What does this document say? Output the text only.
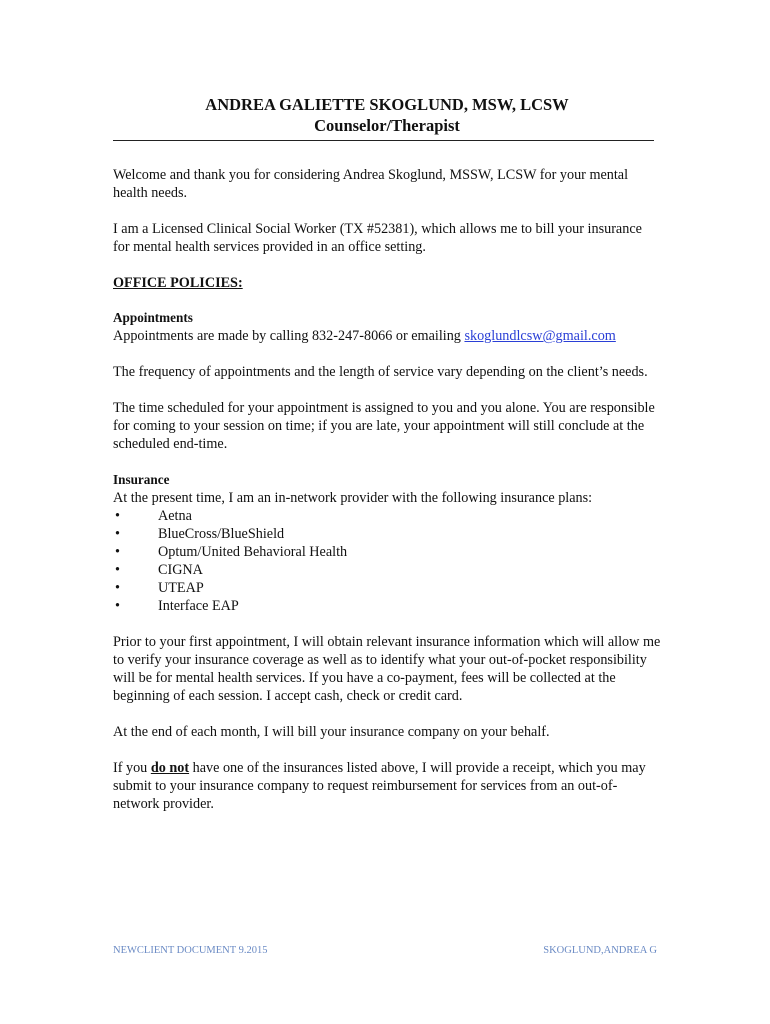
ANDREA GALIETTE SKOGLUND, MSW, LCSW
Counselor/Therapist

Welcome and thank you for considering Andrea Skoglund, MSSW, LCSW for your mental health needs.

I am a Licensed Clinical Social Worker (TX #52381), which allows me to bill your insurance for mental health services provided in an office setting.

OFFICE POLICIES:
Appointments

Appointments are made by calling 832-247-8066 or emailing skoglundlcsw@gmail.com

The frequency of appointments and the length of service vary depending on the client’s needs.

The time scheduled for your appointment is assigned to you and you alone. You are responsible for coming to your session on time; if you are late, your appointment will still conclude at the scheduled end-time.

Insurance

At the present time, I am an in-network provider with the following insurance plans:

•	Aetna
•	BlueCross/BlueShield
•	Optum/United Behavioral Health
•	CIGNA
•	UTEAP
•	Interface EAP

Prior to your first appointment, I will obtain relevant insurance information which will allow me to verify your insurance coverage as well as to identify what your out-of-pocket responsibility will be for mental health services. If you have a co-payment, fees will be collected at the beginning of each session. I accept cash, check or credit card.

At the end of each month, I will bill your insurance company on your behalf.

If you do not have one of the insurances listed above, I will provide a receipt, which you may submit to your insurance company to request reimbursement for services from an out-of-network provider.

NEWCLIENT DOCUMENT 9.2015	SKOGLUND,ANDREA G
